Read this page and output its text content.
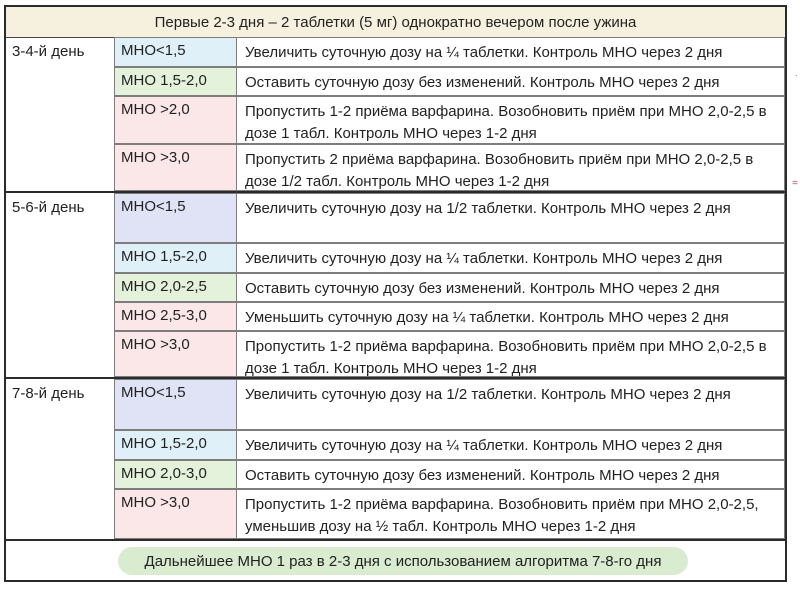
Первые 2-3 дня – 2 таблетки (5 мг) однократно вечером после ужина
3-4-й день	МНО<1,5	Увеличить суточную дозу на ¼ таблетки. Контроль МНО через 2 дня
МНО 1,5-2,0	Оставить суточную дозу без изменений. Контроль МНО через 2 дня
МНО >2,0	Пропустить 1-2 приёма варфарина. Возобновить приём при МНО 2,0-2,5 в дозе 1 табл. Контроль МНО через 1-2 дня
МНО >3,0	Пропустить 2 приёма варфарина. Возобновить приём при МНО 2,0-2,5 в дозе 1/2 табл. Контроль МНО через 1-2 дня
5-6-й день	МНО<1,5	Увеличить суточную дозу на 1/2 таблетки. Контроль МНО через 2 дня
МНО 1,5-2,0	Увеличить суточную дозу на ¼ таблетки. Контроль МНО через 2 дня
МНО 2,0-2,5	Оставить суточную дозу без изменений. Контроль МНО через 2 дня
МНО 2,5-3,0	Уменьшить суточную дозу на ¼ таблетки. Контроль МНО через 2 дня
МНО >3,0	Пропустить 1-2 приёма варфарина. Возобновить приём при МНО 2,0-2,5 в дозе 1 табл. Контроль МНО через 1-2 дня
7-8-й день	МНО<1,5	Увеличить суточную дозу на 1/2 таблетки. Контроль МНО через 2 дня
МНО 1,5-2,0	Увеличить суточную дозу на ¼ таблетки. Контроль МНО через 2 дня
МНО 2,0-3,0	Оставить суточную дозу без изменений. Контроль МНО через 2 дня
МНО >3,0	Пропустить 1-2 приёма варфарина. Возобновить приём при МНО 2,0-2,5, уменьшив дозу на ½ табл. Контроль МНО через 1-2 дня
Дальнейшее МНО 1 раз в 2-3 дня с использованием алгоритма 7-8-го дня
·
=
